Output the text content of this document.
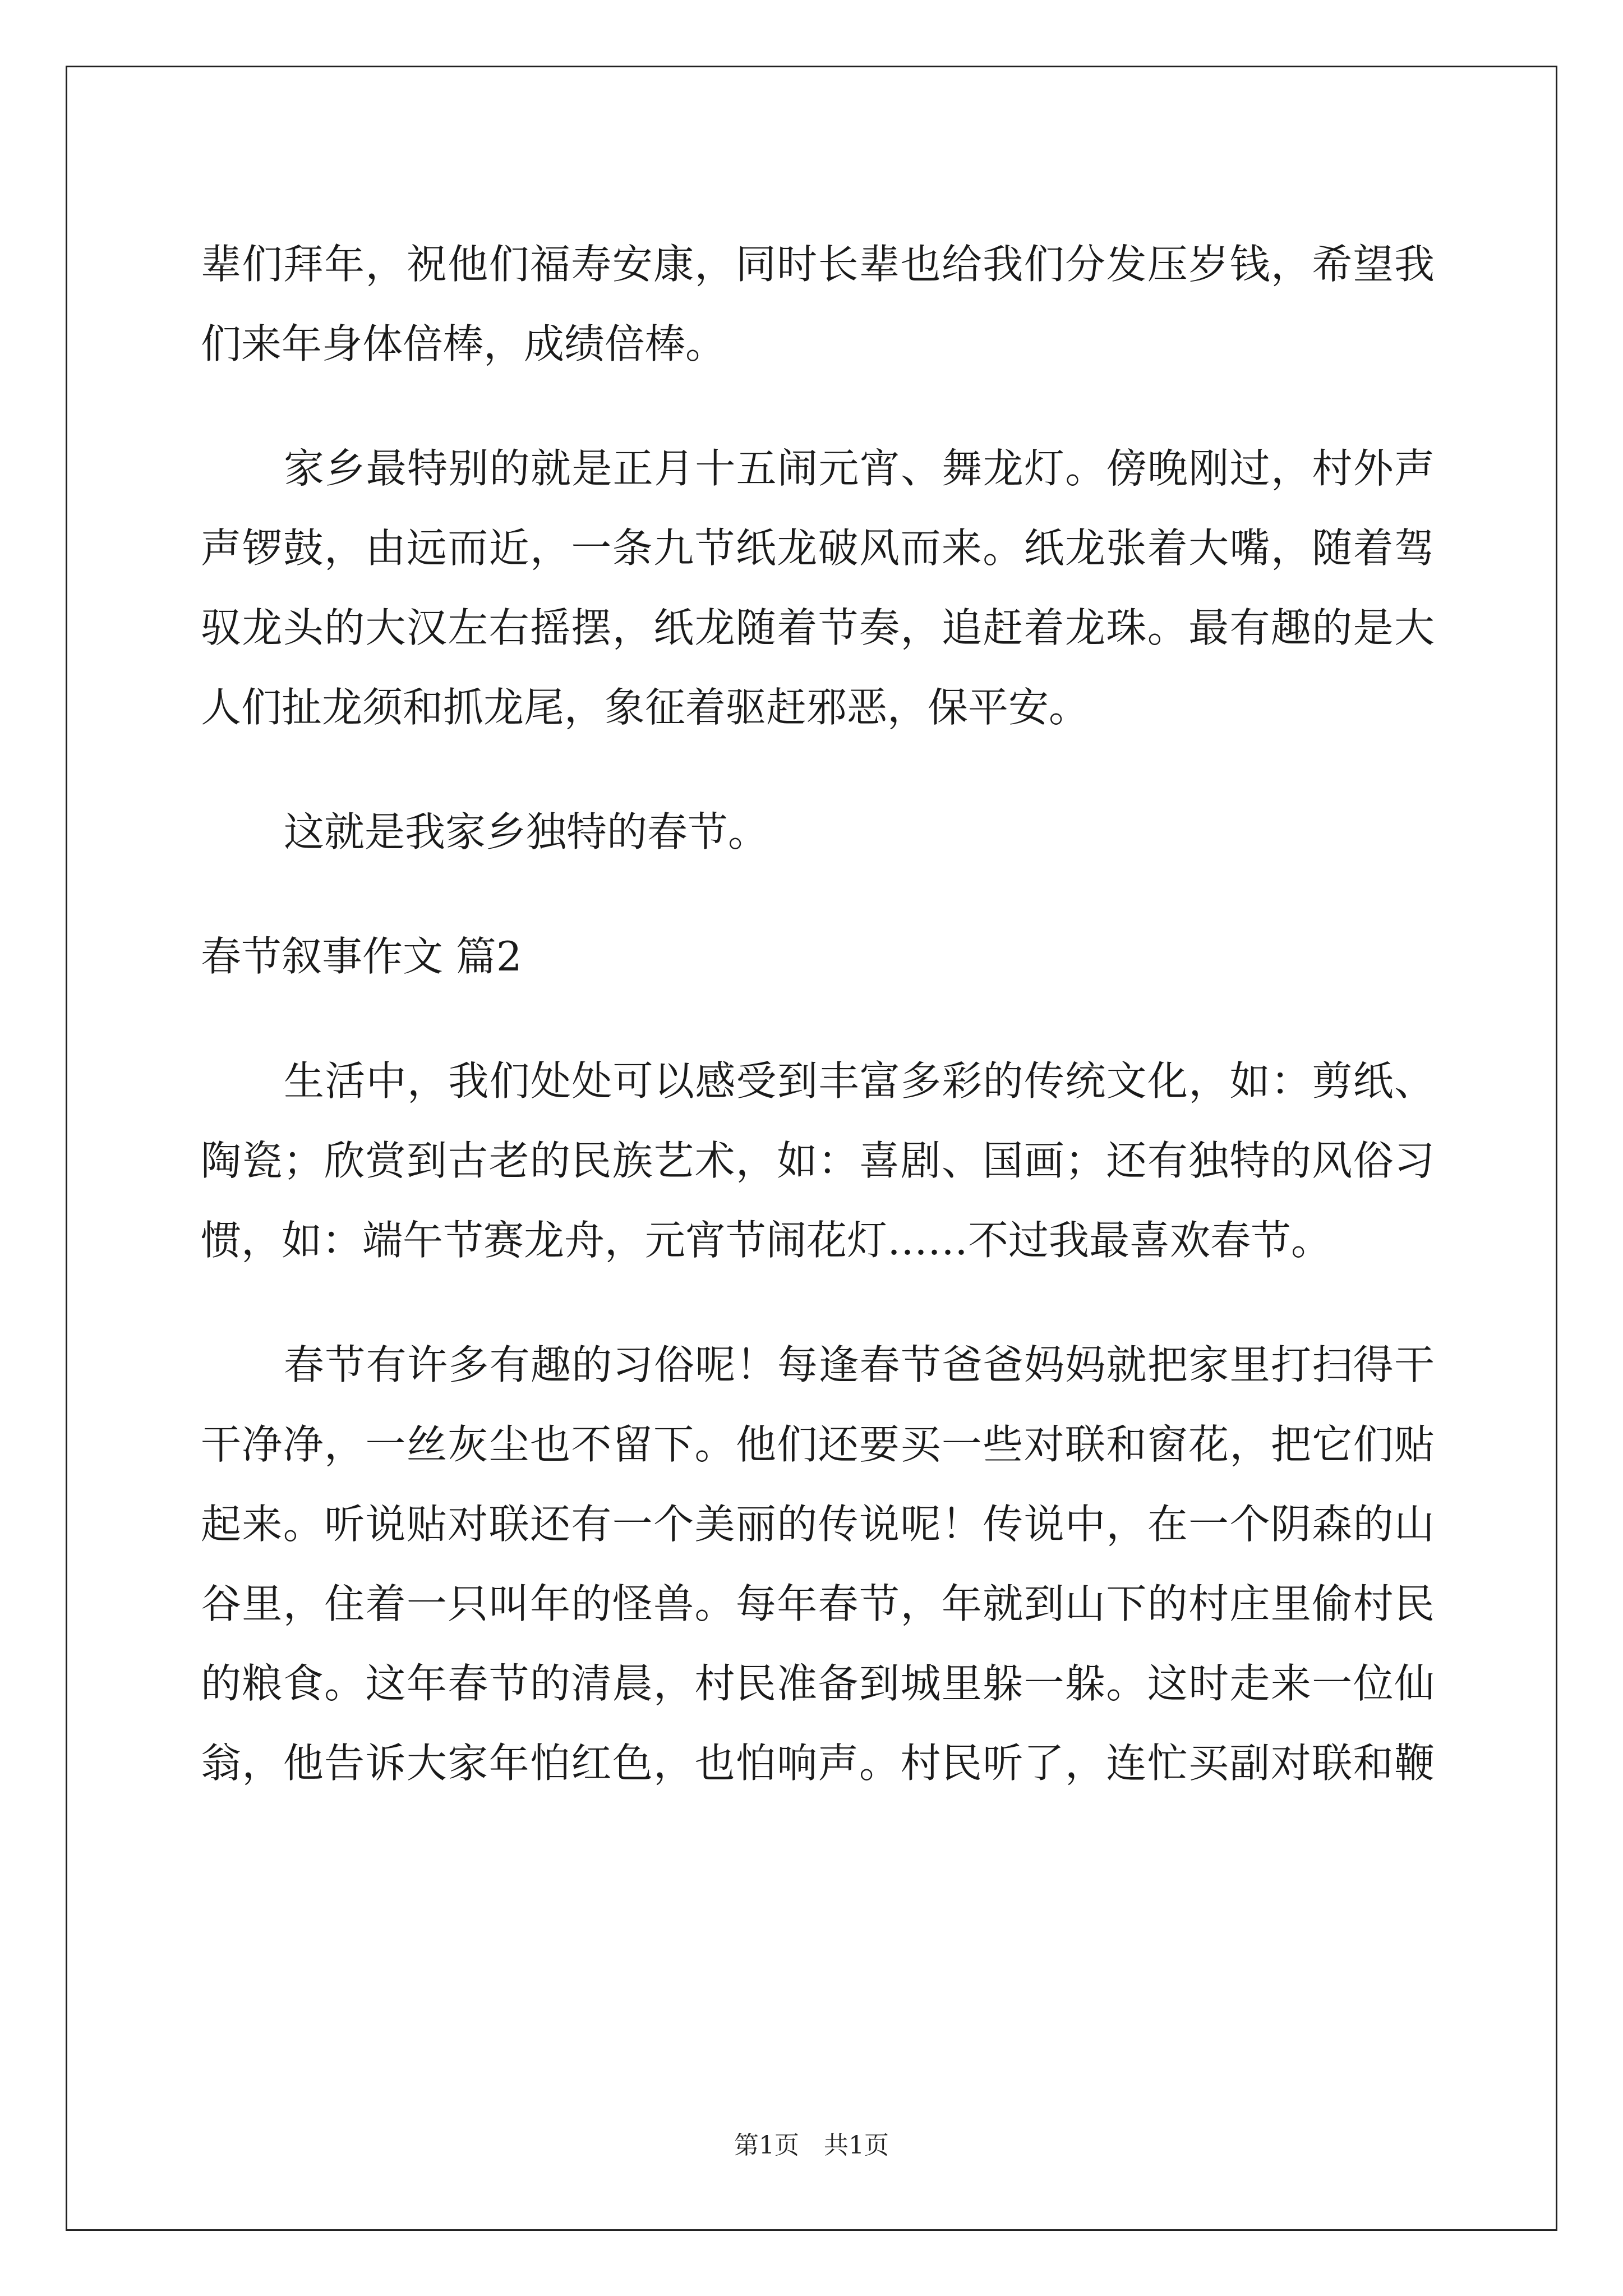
辈们拜年，祝他们福寿安康，同时长辈也给我们分发压岁钱，希望我
们来年身体倍棒，成绩倍棒。
家乡最特别的就是正月十五闹元宵、舞龙灯。傍晚刚过，村外声
声锣鼓，由远而近，一条九节纸龙破风而来。纸龙张着大嘴，随着驾
驭龙头的大汉左右摇摆，纸龙随着节奏，追赶着龙珠。最有趣的是大
人们扯龙须和抓龙尾，象征着驱赶邪恶，保平安。
这就是我家乡独特的春节。
春节叙事作文 篇2
生活中，我们处处可以感受到丰富多彩的传统文化，如：剪纸、
陶瓷；欣赏到古老的民族艺术，如：喜剧、国画；还有独特的风俗习
惯，如：端午节赛龙舟，元宵节闹花灯……不过我最喜欢春节。
春节有许多有趣的习俗呢！每逢春节爸爸妈妈就把家里打扫得干
干净净，一丝灰尘也不留下。他们还要买一些对联和窗花，把它们贴
起来。听说贴对联还有一个美丽的传说呢！传说中，在一个阴森的山
谷里，住着一只叫年的怪兽。每年春节，年就到山下的村庄里偷村民
的粮食。这年春节的清晨，村民准备到城里躲一躲。这时走来一位仙
翁，他告诉大家年怕红色，也怕响声。村民听了，连忙买副对联和鞭
第1页　共1页
